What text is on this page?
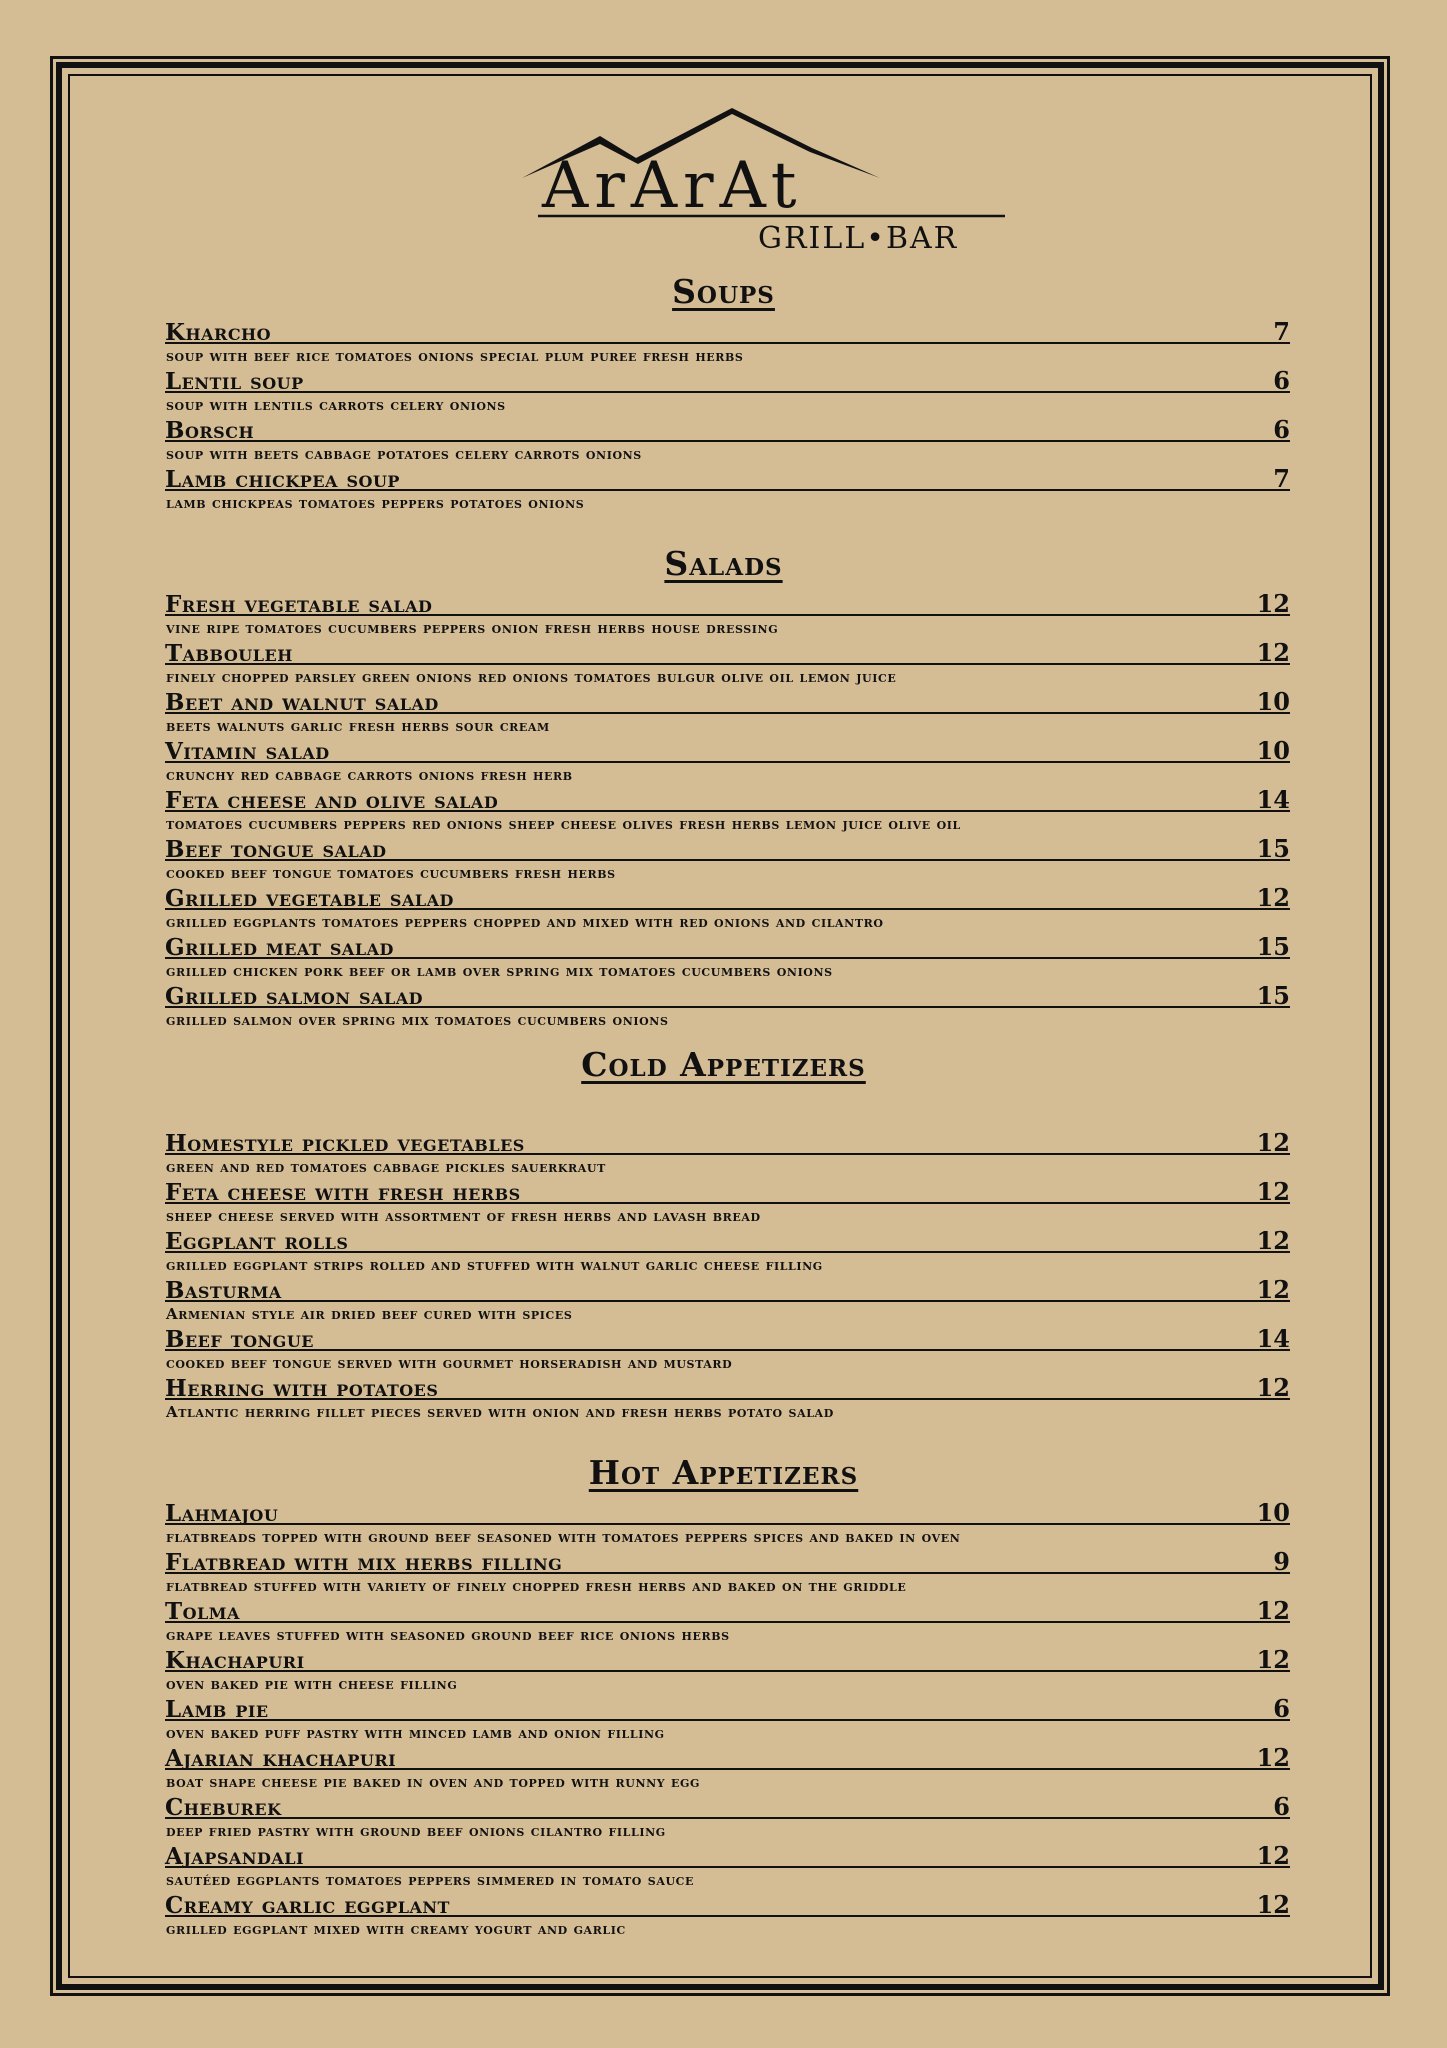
ArArAt
GRILL•BAR
Soups
Kharcho	7
soup with beef rice tomatoes onions special plum puree fresh herbs
Lentil soup	6
soup with lentils carrots celery onions
Borsch	6
soup with beets cabbage potatoes celery carrots onions
Lamb chickpea soup	7
lamb chickpeas tomatoes peppers potatoes onions
Salads
Fresh vegetable salad	12
vine ripe tomatoes cucumbers peppers onion fresh herbs house dressing
Tabbouleh	12
finely chopped parsley green onions red onions tomatoes bulgur olive oil lemon juice
Beet and walnut salad	10
beets walnuts garlic fresh herbs sour cream
Vitamin salad	10
crunchy red cabbage carrots onions fresh herb
Feta cheese and olive salad	14
tomatoes cucumbers peppers red onions sheep cheese olives fresh herbs lemon juice olive oil
Beef tongue salad	15
cooked beef tongue tomatoes cucumbers fresh herbs
Grilled vegetable salad	12
grilled eggplants tomatoes peppers chopped and mixed with red onions and cilantro
Grilled meat salad	15
grilled chicken pork beef or lamb over spring mix tomatoes cucumbers onions
Grilled salmon salad	15
grilled salmon over spring mix tomatoes cucumbers onions
Cold Appetizers
Homestyle pickled vegetables	12
green and red tomatoes cabbage pickles sauerkraut
Feta cheese with fresh herbs	12
sheep cheese served with assortment of fresh herbs and lavash bread
Eggplant rolls	12
grilled eggplant strips rolled and stuffed with walnut garlic cheese filling
Basturma	12
Armenian style air dried beef cured with spices
Beef tongue	14
cooked beef tongue served with gourmet horseradish and mustard
Herring with potatoes	12
Atlantic herring fillet pieces served with onion and fresh herbs potato salad
Hot Appetizers
Lahmajou	10
flatbreads topped with ground beef seasoned with tomatoes peppers spices and baked in oven
Flatbread with mix herbs filling	9
flatbread stuffed with variety of finely chopped fresh herbs and baked on the griddle
Tolma	12
grape leaves stuffed with seasoned ground beef rice onions herbs
Khachapuri	12
oven baked pie with cheese filling
Lamb pie	6
oven baked puff pastry with minced lamb and onion filling
Ajarian khachapuri	12
boat shape cheese pie baked in oven and topped with runny egg
Cheburek	6
deep fried pastry with ground beef onions cilantro filling
Ajapsandali	12
sautéed eggplants tomatoes peppers simmered in tomato sauce
Creamy garlic eggplant	12
grilled eggplant mixed with creamy yogurt and garlic
